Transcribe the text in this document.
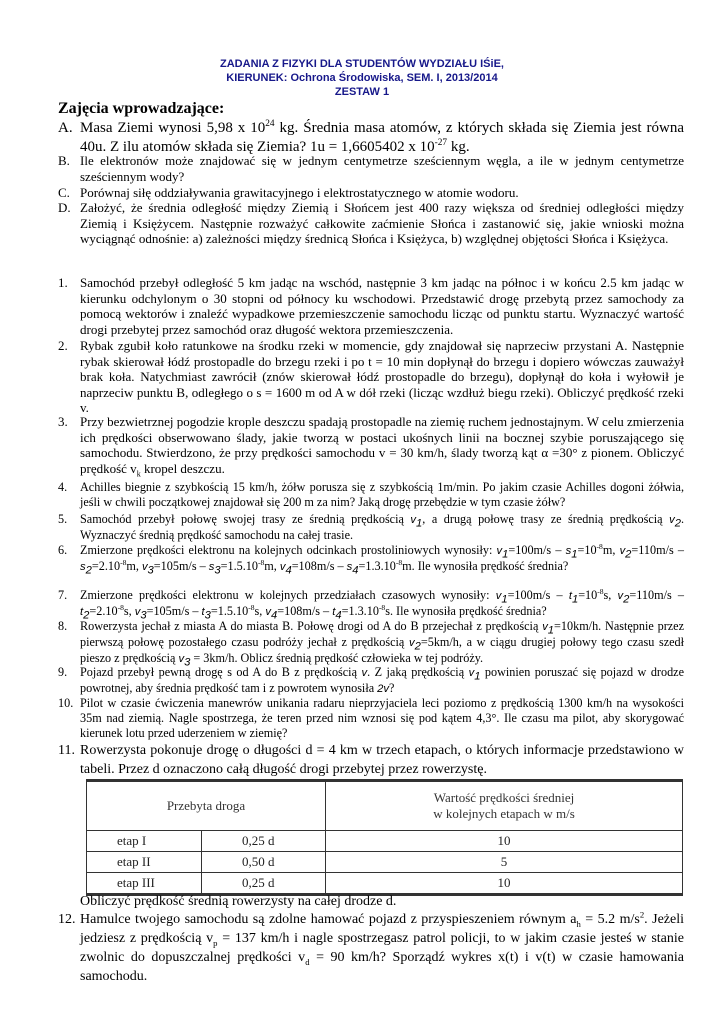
ZADANIA Z FIZYKI DLA STUDENTÓW WYDZIAŁU IŚiE,
KIERUNEK: Ochrona Środowiska, SEM. I, 2013/2014
ZESTAW 1
Zajęcia wprowadzające:
A. Masa Ziemi wynosi 5,98 x $10^{24}$ kg. Średnia masa atomów, z których składa się Ziemia jest równa 40u. Z ilu atomów składa się Ziemia? 1u = 1,6605402 x $10^{-27}$ kg.
B. Ile elektronów może znajdować się w jednym centymetrze sześciennym węgla, a ile w jednym centymetrze sześciennym wody?
C. Porównaj siłę oddziaływania grawitacyjnego i elektrostatycznego w atomie wodoru.
D. Założyć, że średnia odległość między Ziemią i Słońcem jest 400 razy większa od średniej odległości między Ziemią i Księżycem. Następnie rozważyć całkowite zaćmienie Słońca i zastanowić się, jakie wnioski można wyciągnąć odnośnie: a) zależności między średnicą Słońca i Księżyca, b) względnej objętości Słońca i Księżyca.
1. Samochód przebył odległość 5 km jadąc na wschód, następnie 3 km jadąc na północ i w końcu 2.5 km jadąc w kierunku odchylonym o 30 stopni od północy ku wschodowi. Przedstawić drogę przebytą przez samochody za pomocą wektorów i znaleźć wypadkowe przemieszczenie samochodu licząc od punktu startu. Wyznaczyć wartość drogi przebytej przez samochód oraz długość wektora przemieszczenia.
2. Rybak zgubił koło ratunkowe na środku rzeki w momencie, gdy znajdował się naprzeciw przystani A. Następnie rybak skierował łódź prostopadle do brzegu rzeki i po t = 10 min dopłynął do brzegu i dopiero wówczas zauważył brak koła. Natychmiast zawrócił (znów skierował łódź prostopadle do brzegu), dopłynął do koła i wyłowił je naprzeciw punktu B, odległego o s = 1600 m od A w dół rzeki (licząc wzdłuż biegu rzeki). Obliczyć prędkość rzeki v.
3. Przy bezwietrznej pogodzie krople deszczu spadają prostopadle na ziemię ruchem jednostajnym. W celu zmierzenia ich prędkości obserwowano ślady, jakie tworzą w postaci ukośnych linii na bocznej szybie poruszającego się samochodu. Stwierdzono, że przy prędkości samochodu v = 30 km/h, ślady tworzą kąt α =30° z pionem. Obliczyć prędkość $v_k$ kropel deszczu.
4. Achilles biegnie z szybkością 15 km/h, żółw porusza się z szybkością 1m/min. Po jakim czasie Achilles dogoni żółwia, jeśli w chwili początkowej znajdował się 200 m za nim? Jaką drogę przebędzie w tym czasie żółw?
5. Samochód przebył połowę swojej trasy ze średnią prędkością $v_1$, a drugą połowę trasy ze średnią prędkością $v_2$. Wyznaczyć średnią prędkość samochodu na całej trasie.
6. Zmierzone prędkości elektronu na kolejnych odcinkach prostoliniowych wynosiły: $v_1=100m/s - s_1=10^{-8}m$, $v_2=110m/s - s_2=2.10^{-8}m$, $v_3=105m/s - s_3=1.5.10^{-8}m$, $v_4=108m/s - s_4=1.3.10^{-8}m$. Ile wynosiła prędkość średnia?
7. Zmierzone prędkości elektronu w kolejnych przedziałach czasowych wynosiły: $v_1=100m/s - t_1=10^{-8}s$, $v_2=110m/s - t_2=2.10^{-8}s$, $v_3=105m/s - t_3=1.5.10^{-8}s$, $v_4=108m/s - t_4=1.3.10^{-8}s$. Ile wynosiła prędkość średnia?
8. Rowerzysta jechał z miasta A do miasta B. Połowę drogi od A do B przejechał z prędkością $v_1=10km/h$. Następnie przez pierwszą połowę pozostałego czasu podróży jechał z prędkością $v_2=5km/h$, a w ciągu drugiej połowy tego czasu szedł pieszo z prędkością $v_3 = 3km/h$. Oblicz średnią prędkość człowieka w tej podróży.
9. Pojazd przebył pewną drogę s od A do B z prędkością v. Z jaką prędkością $v_1$ powinien poruszać się pojazd w drodze powrotnej, aby średnia prędkość tam i z powrotem wynosiła 2v?
10. Pilot w czasie ćwiczenia manewrów unikania radaru nieprzyjaciela leci poziomo z prędkością 1300 km/h na wysokości 35m nad ziemią. Nagle spostrzega, że teren przed nim wznosi się pod kątem 4,3°. Ile czasu ma pilot, aby skorygować kierunek lotu przed uderzeniem w ziemię?
11. Rowerzysta pokonuje drogę o długości d = 4 km w trzech etapach, o których informacje przedstawiono w tabeli. Przez d oznaczono całą długość drogi przebytej przez rowerzystę.
Przebyta droga		Wartość prędkości średniej
w kolejnych etapach w m/s

etap I	0,25 d	10
etap II	0,50 d	5
etap III	0,25 d	10
Obliczyć prędkość średnią rowerzysty na całej drodze d.
12. Hamulce twojego samochodu są zdolne hamować pojazd z przyspieszeniem równym $a_h = 5.2$ $m/s^2$. Jeżeli jedziesz z prędkością $v_p = 137$ km/h i nagle spostrzegasz patrol policji, to w jakim czasie jesteś w stanie zwolnic do dopuszczalnej prędkości $v_d = 90$ km/h? Sporządź wykres x(t) i v(t) w czasie hamowania samochodu.
